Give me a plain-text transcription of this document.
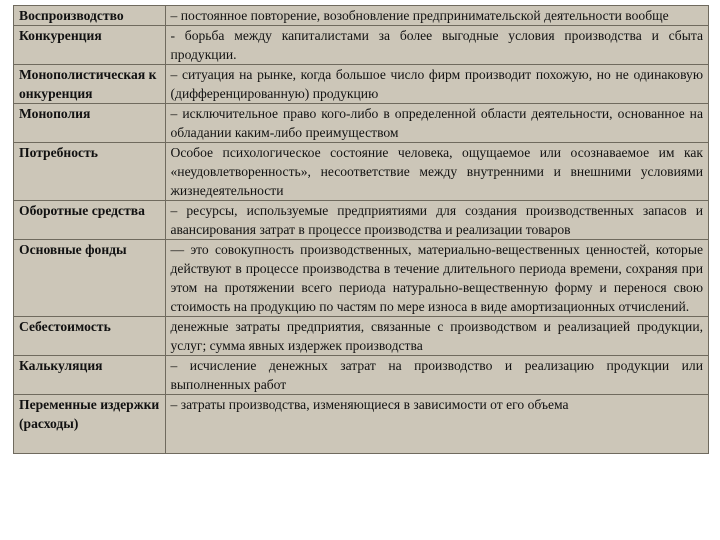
Воспроизводство	– постоянное повторение, возобновление предпринимательской деятельности вообще
Конкуренция	- борьба между капиталистами за более выгодные условия производства и сбыта продукции.
Монополистическая конкуренция	– ситуация на рынке, когда большое число фирм производит похожую, но не одинаковую (дифференцированную) продукцию
Монополия	– исключительное право кого-либо в определенной области деятельности, основанное на обладании каким-либо преимуществом
Потребность	Особое психологическое состояние человека, ощущаемое или осознаваемое им как «неудовлетворенность», несоответствие между внутренними и внешними условиями жизнедеятельности
Оборотные средства	– ресурсы, используемые предприятиями для создания производственных запасов и авансирования затрат в процессе производства и реализации товаров
Основные фонды	— это совокупность производственных, материально-вещественных ценностей, которые действуют в процессе производства в течение длительного периода времени, сохраняя при этом на протяжении всего периода натурально-вещественную форму и перенося свою стоимость на продукцию по частям по мере износа в виде амортизационных отчислений.
Себестоимость	денежные затраты предприятия, связанные с производством и реализацией продукции, услуг; сумма явных издержек производства
Калькуляция	– исчисление денежных затрат на производство и реализацию продукции или выполненных работ
Переменные издержки (расходы)	– затраты производства, изменяющиеся в зависимости от его объема
